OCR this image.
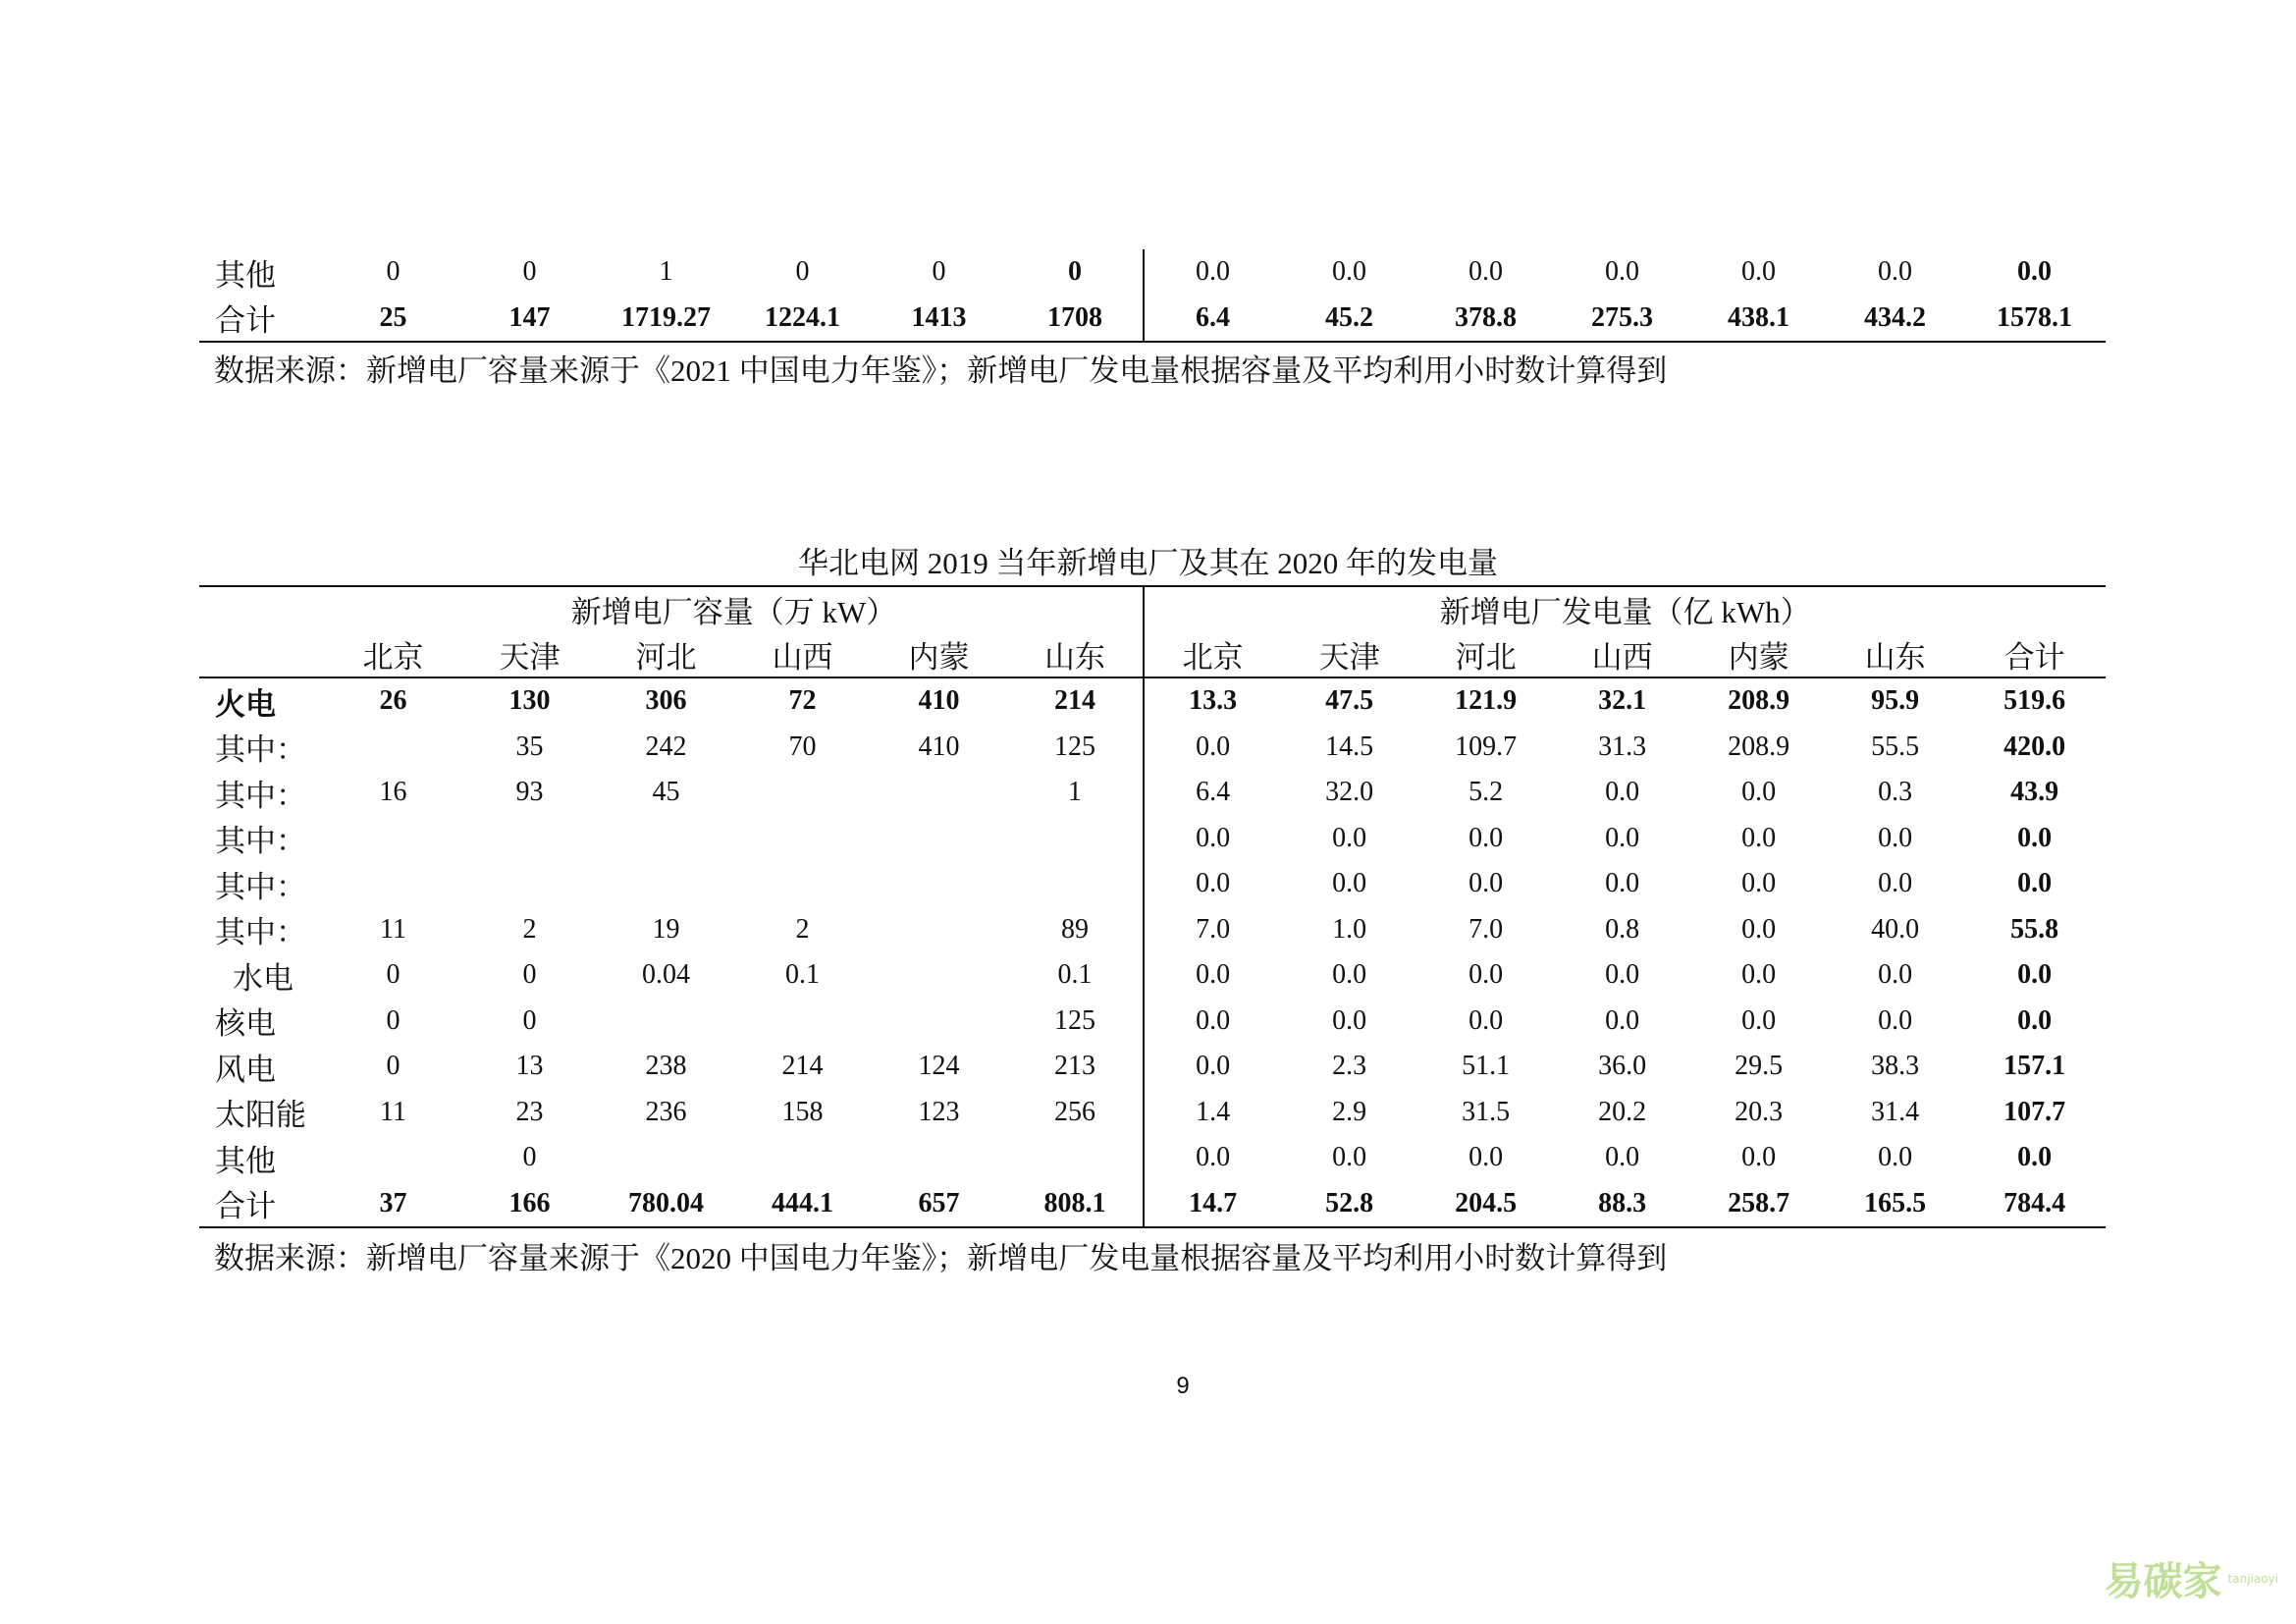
其他	0	0	1	0	0	0	0.0	0.0	0.0	0.0	0.0	0.0	0.0
合计	25	147	1719.27	1224.1	1413	1708	6.4	45.2	378.8	275.3	438.1	434.2	1578.1
数据来源：新增电厂容量来源于《2021 中国电力年鉴》；新增电厂发电量根据容量及平均利用小时数计算得到
华北电网 2019 当年新增电厂及其在 2020 年的发电量
	新增电厂容量（万 kW）						新增电厂发电量（亿 kWh）						
	北京	天津	河北	山西	内蒙	山东	北京	天津	河北	山西	内蒙	山东	合计
火电	26	130	306	72	410	214	13.3	47.5	121.9	32.1	208.9	95.9	519.6
其中：		35	242	70	410	125	0.0	14.5	109.7	31.3	208.9	55.5	420.0
其中：	16	93	45			1	6.4	32.0	5.2	0.0	0.0	0.3	43.9
其中：							0.0	0.0	0.0	0.0	0.0	0.0	0.0
其中：							0.0	0.0	0.0	0.0	0.0	0.0	0.0
其中：	11	2	19	2		89	7.0	1.0	7.0	0.8	0.0	40.0	55.8
水电	0	0	0.04	0.1		0.1	0.0	0.0	0.0	0.0	0.0	0.0	0.0
核电	0	0				125	0.0	0.0	0.0	0.0	0.0	0.0	0.0
风电	0	13	238	214	124	213	0.0	2.3	51.1	36.0	29.5	38.3	157.1
太阳能	11	23	236	158	123	256	1.4	2.9	31.5	20.2	20.3	31.4	107.7
其他		0					0.0	0.0	0.0	0.0	0.0	0.0	0.0
合计	37	166	780.04	444.1	657	808.1	14.7	52.8	204.5	88.3	258.7	165.5	784.4
数据来源：新增电厂容量来源于《2020 中国电力年鉴》；新增电厂发电量根据容量及平均利用小时数计算得到
9
易碳家 tanjiaoyi
